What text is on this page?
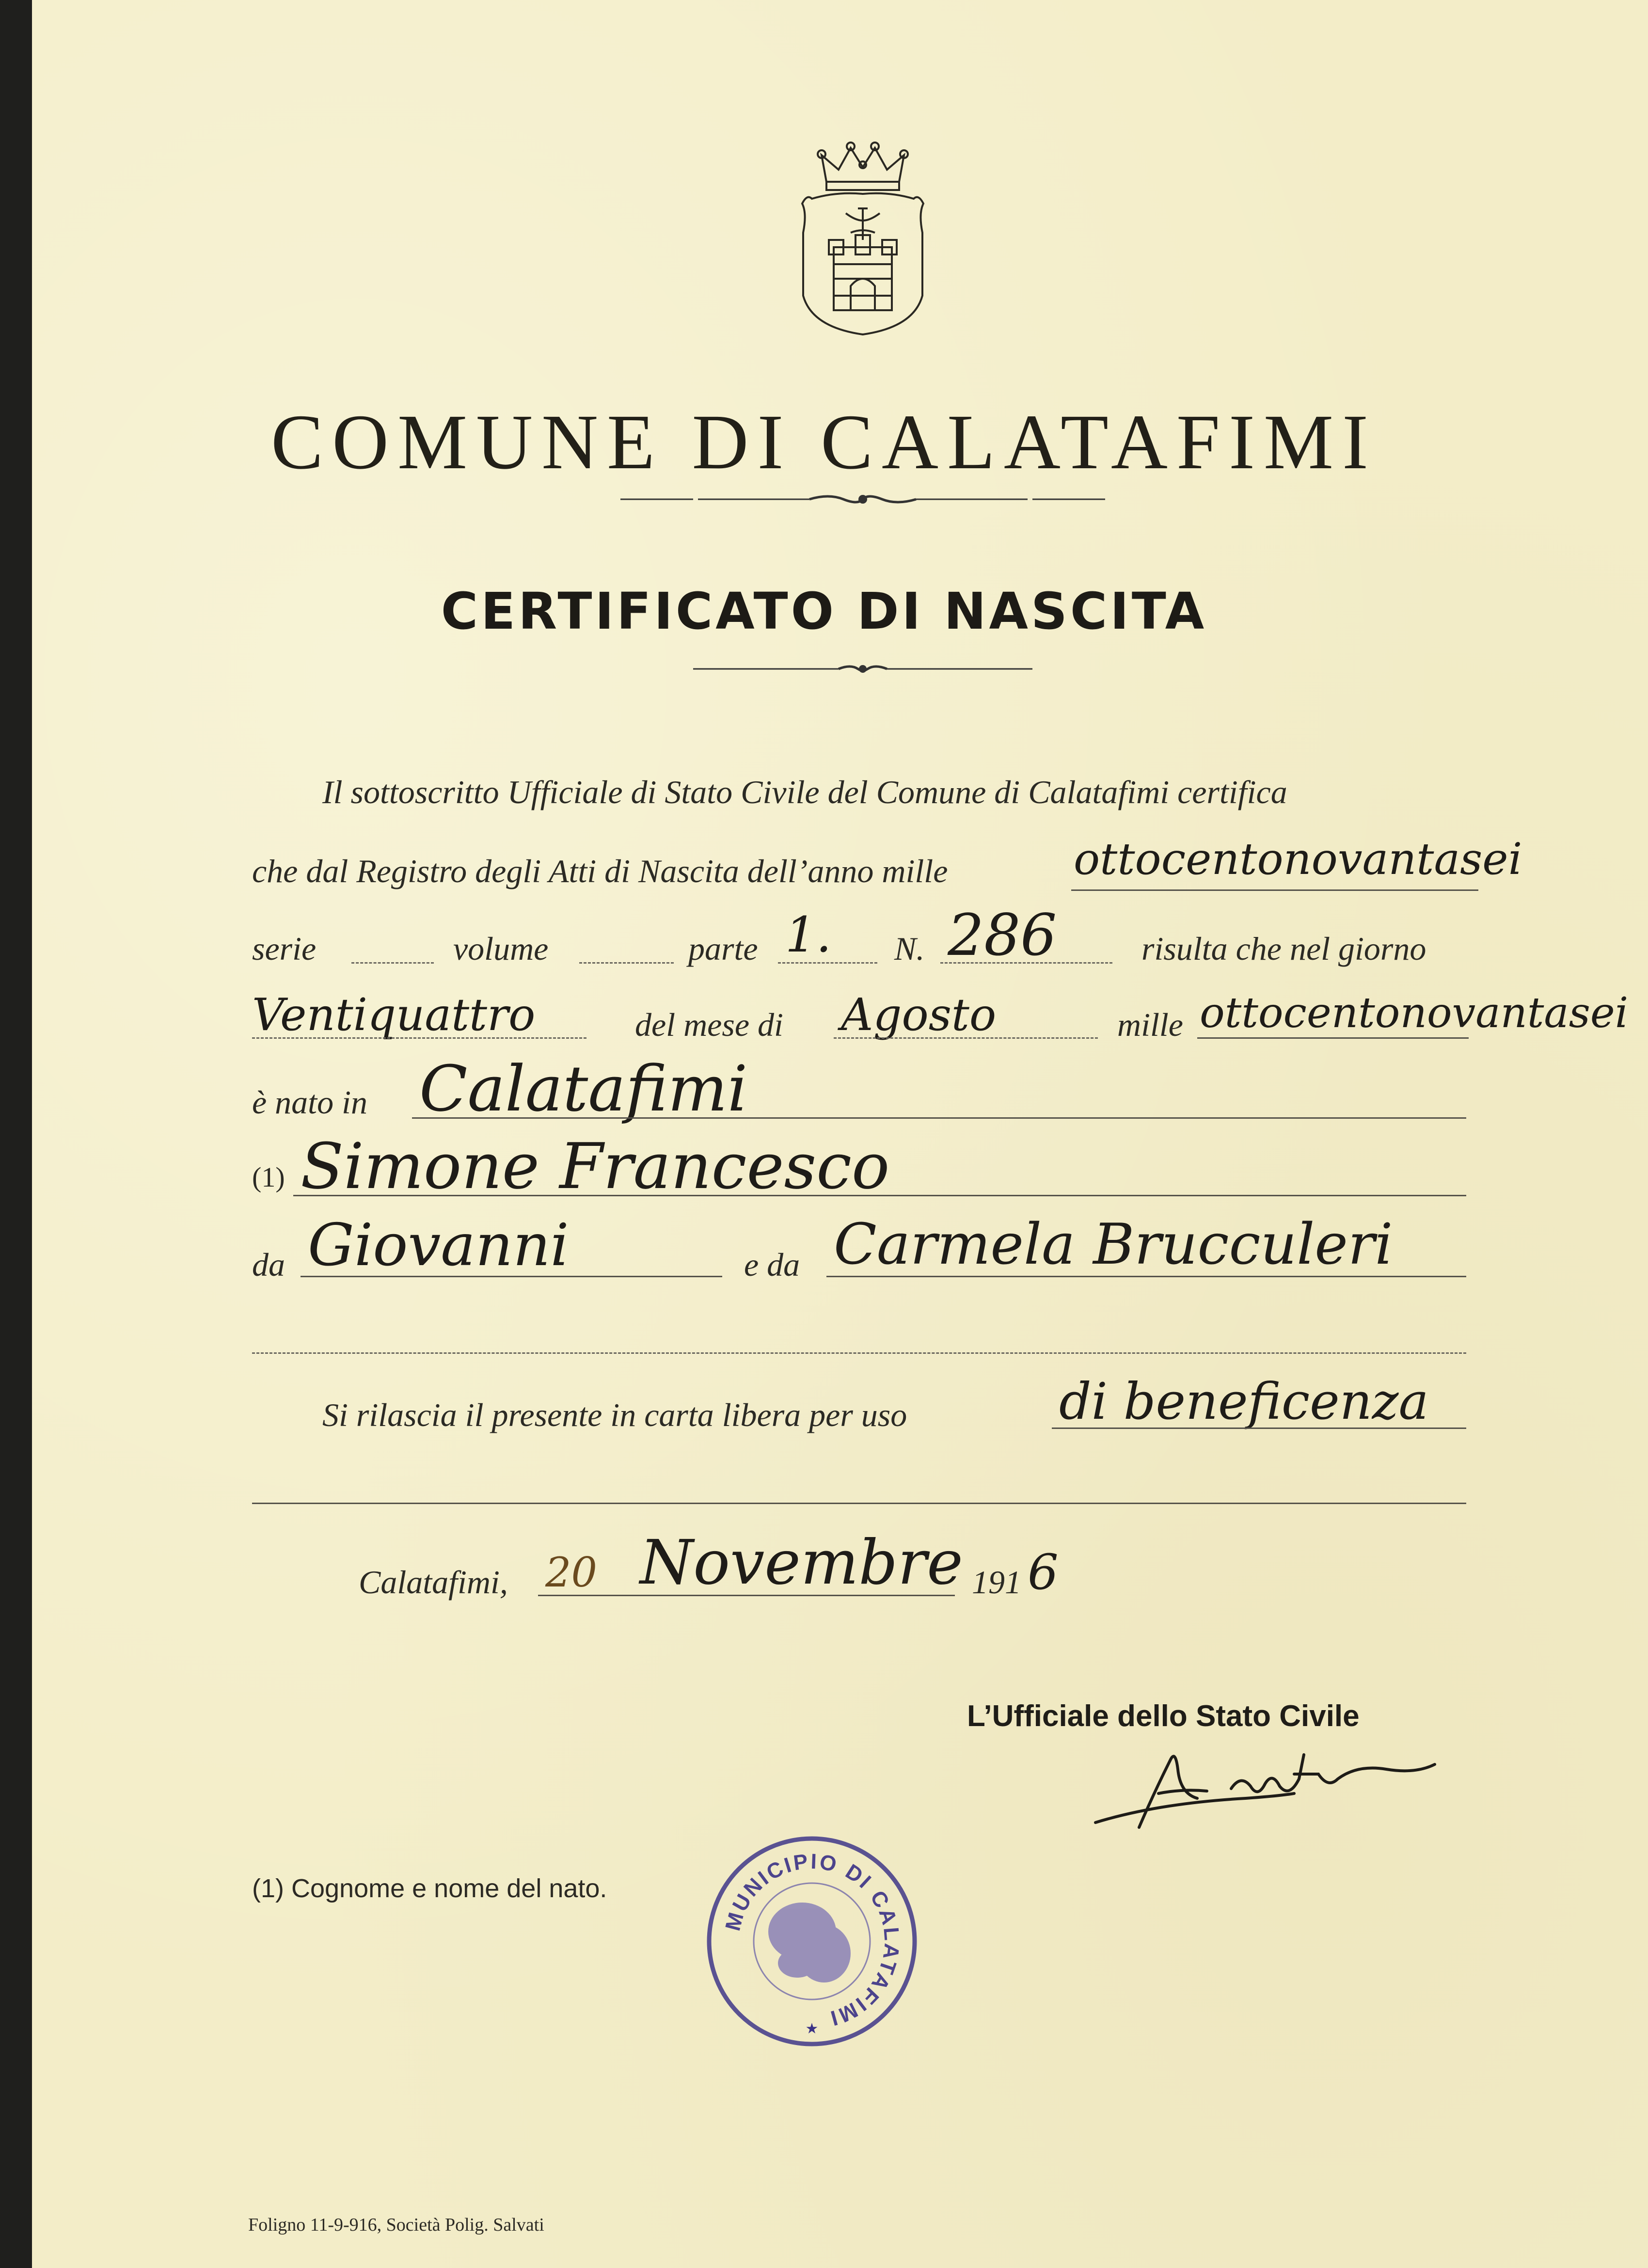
COMUNE DI CALATAFIMI
CERTIFICATO DI NASCITA
Il sottoscritto Ufficiale di Stato Civile del Comune di Calatafimi certifica
che dal Registro degli Atti di Nascita dell’anno mille	ottocentonovantasei
serie	volume	parte 1. N. 286	risulta che nel giorno
Ventiquattro	del mese di Agosto	mille ottocentonovantasei
è nato in Calatafimi
(1) Simone Francesco
da Giovanni	e da Carmela Brucculeri
Si rilascia il presente in carta libera per uso	di beneficenza
Calatafimi, 20 Novembre 191 6
L’Ufficiale dello Stato Civile
(1) Cognome e nome del nato.
MUNICIPIO DI CALATAFIMI
★
Foligno 11-9-916, Società Polig. Salvati
